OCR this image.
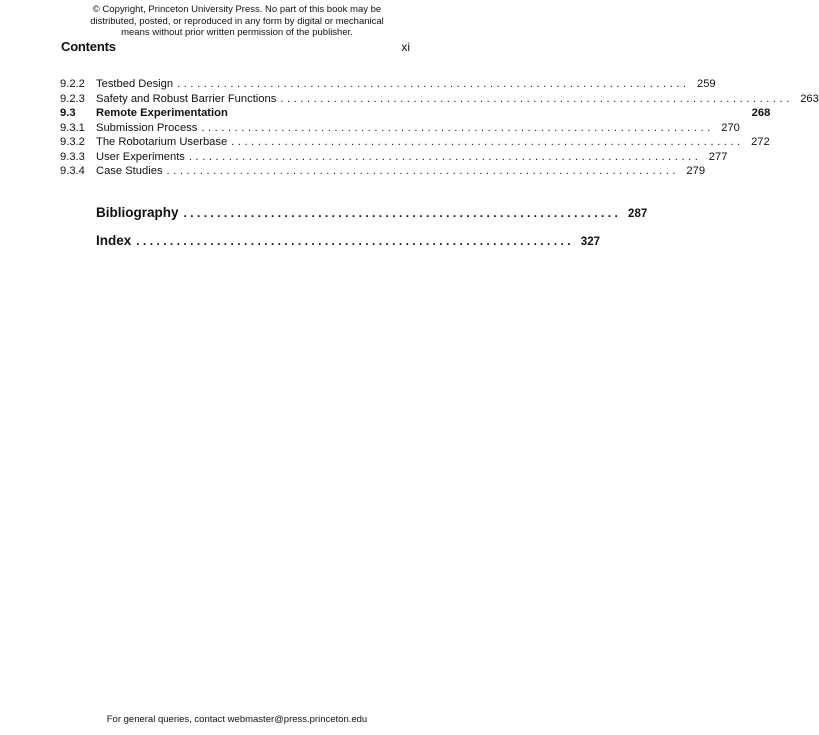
© Copyright, Princeton University Press. No part of this book may be
distributed, posted, or reproduced in any form by digital or mechanical
means without prior written permission of the publisher.
Contents	xi
9.2.2 Testbed Design ............................................................................. 259
9.2.3 Safety and Robust Barrier Functions ............................................................................. 263
9.3	Remote Experimentation	268
9.3.1 Submission Process ............................................................................. 270
9.3.2 The Robotarium Userbase ............................................................................. 272
9.3.3 User Experiments ............................................................................. 277
9.3.4 Case Studies ............................................................................. 279
Bibliography ................................................................. 287
Index ................................................................. 327
For general queries, contact webmaster@press.princeton.edu
